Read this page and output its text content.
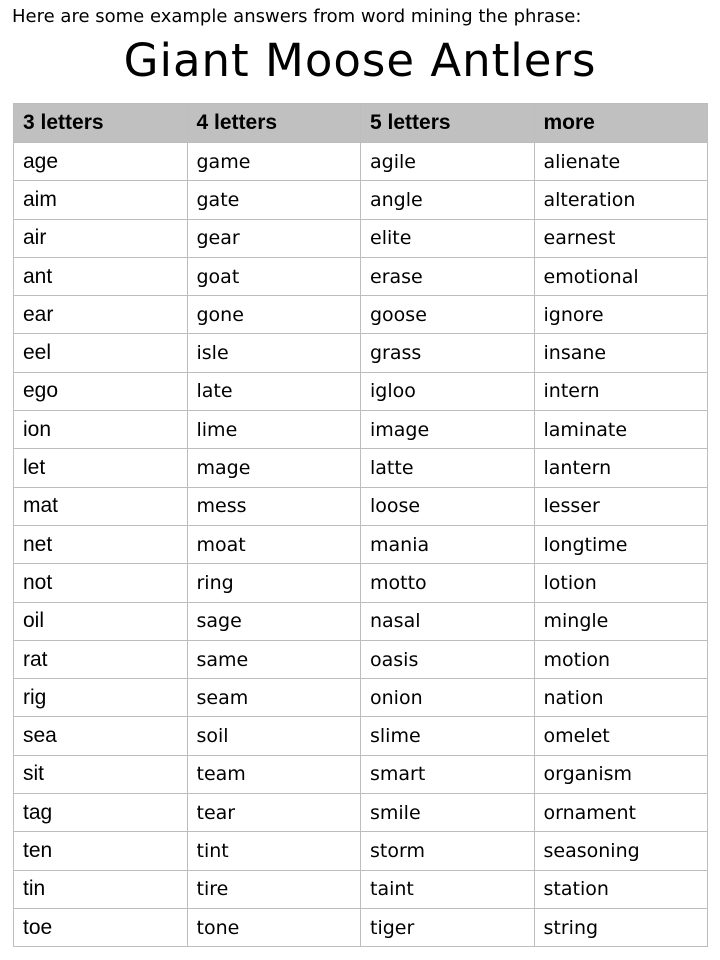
Here are some example answers from word mining the phrase:
Giant Moose Antlers
3 letters	4 letters	5 letters	more
age	game	agile	alienate
aim	gate	angle	alteration
air	gear	elite	earnest
ant	goat	erase	emotional
ear	gone	goose	ignore
eel	isle	grass	insane
ego	late	igloo	intern
ion	lime	image	laminate
let	mage	latte	lantern
mat	mess	loose	lesser
net	moat	mania	longtime
not	ring	motto	lotion
oil	sage	nasal	mingle
rat	same	oasis	motion
rig	seam	onion	nation
sea	soil	slime	omelet
sit	team	smart	organism
tag	tear	smile	ornament
ten	tint	storm	seasoning
tin	tire	taint	station
toe	tone	tiger	string
